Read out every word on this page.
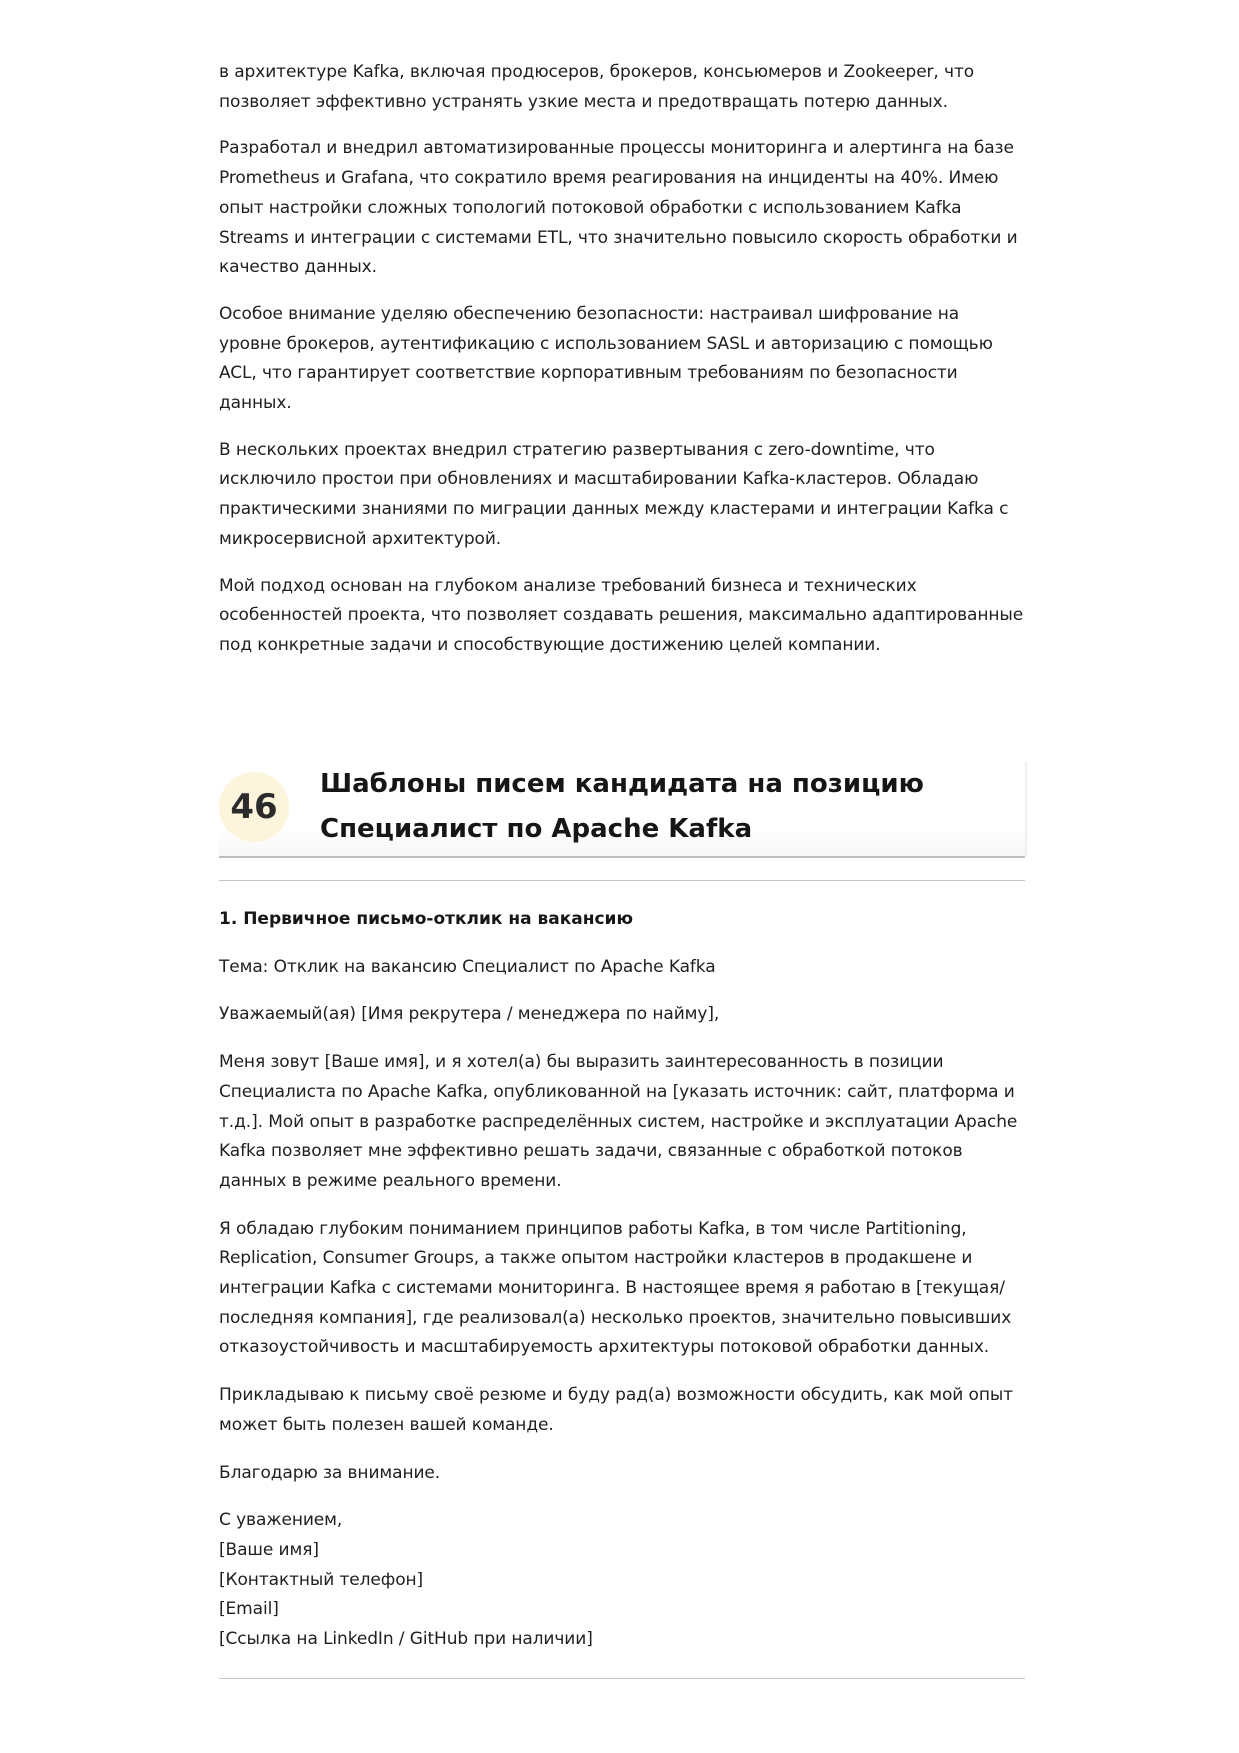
в архитектуре Kafka, включая продюсеров, брокеров, консьюмеров и Zookeeper, что позволяет эффективно устранять узкие места и предотвращать потерю данных.

Разработал и внедрил автоматизированные процессы мониторинга и алертинга на базе Prometheus и Grafana, что сократило время реагирования на инциденты на 40%. Имею опыт настройки сложных топологий потоковой обработки с использованием Kafka Streams и интеграции с системами ETL, что значительно повысило скорость обработки и качество данных.

Особое внимание уделяю обеспечению безопасности: настраивал шифрование на уровне брокеров, аутентификацию с использованием SASL и авторизацию с помощью ACL, что гарантирует соответствие корпоративным требованиям по безопасности данных.

В нескольких проектах внедрил стратегию развертывания с zero-downtime, что исключило простои при обновлениях и масштабировании Kafka-кластеров. Обладаю практическими знаниями по миграции данных между кластерами и интеграции Kafka с микросервисной архитектурой.

Мой подход основан на глубоком анализе требований бизнеса и технических особенностей проекта, что позволяет создавать решения, максимально адаптированные под конкретные задачи и способствующие достижению целей компании.

46
Шаблоны писем кандидата на позицию
Специалист по Apache Kafka

1. Первичное письмо-отклик на вакансию

Тема: Отклик на вакансию Специалист по Apache Kafka

Уважаемый(ая) [Имя рекрутера / менеджера по найму],

Меня зовут [Ваше имя], и я хотел(а) бы выразить заинтересованность в позиции Специалиста по Apache Kafka, опубликованной на [указать источник: сайт, платформа и т.д.]. Мой опыт в разработке распределённых систем, настройке и эксплуатации Apache Kafka позволяет мне эффективно решать задачи, связанные с обработкой потоков данных в режиме реального времени.

Я обладаю глубоким пониманием принципов работы Kafka, в том числе Partitioning, Replication, Consumer Groups, а также опытом настройки кластеров в продакшене и интеграции Kafka с системами мониторинга. В настоящее время я работаю в [текущая/последняя компания], где реализовал(а) несколько проектов, значительно повысивших отказоустойчивость и масштабируемость архитектуры потоковой обработки данных.

Прикладываю к письму своё резюме и буду рад(а) возможности обсудить, как мой опыт может быть полезен вашей команде.

Благодарю за внимание.

С уважением,

[Ваше имя]

[Контактный телефон]

[Email]

[Ссылка на LinkedIn / GitHub при наличии]
